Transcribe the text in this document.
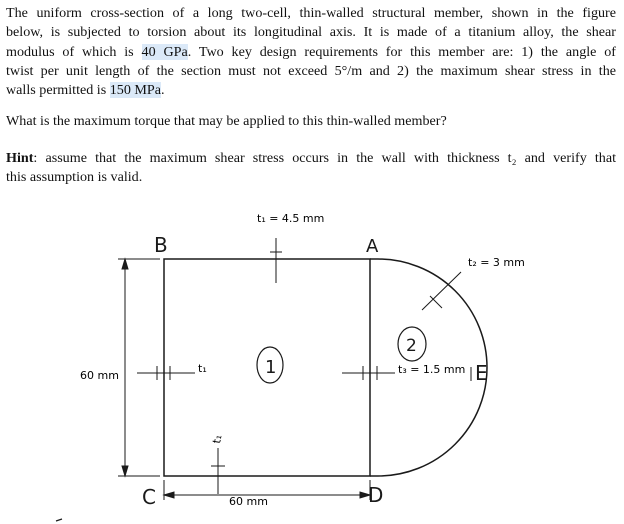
The uniform cross-section of a long two-cell, thin-walled structural member, shown in the figure
below, is subjected to torsion about its longitudinal axis. It is made of a titanium alloy, the shear
modulus of which is 40 GPa. Two key design requirements for this member are: 1) the angle of
twist per unit length of the section must not exceed 5°/m and 2) the maximum shear stress in the
walls permitted is 150 MPa.
What is the maximum torque that may be applied to this thin-walled member?
Hint: assume that the maximum shear stress occurs in the wall with thickness t₂ and verify that
this assumption is valid.
60 mm
60 mm
t₁ = 4.5 mm
t₁
t₁
t₂ = 3 mm
t₃ = 1.5 mm
B	A
C	D
E
1
2
